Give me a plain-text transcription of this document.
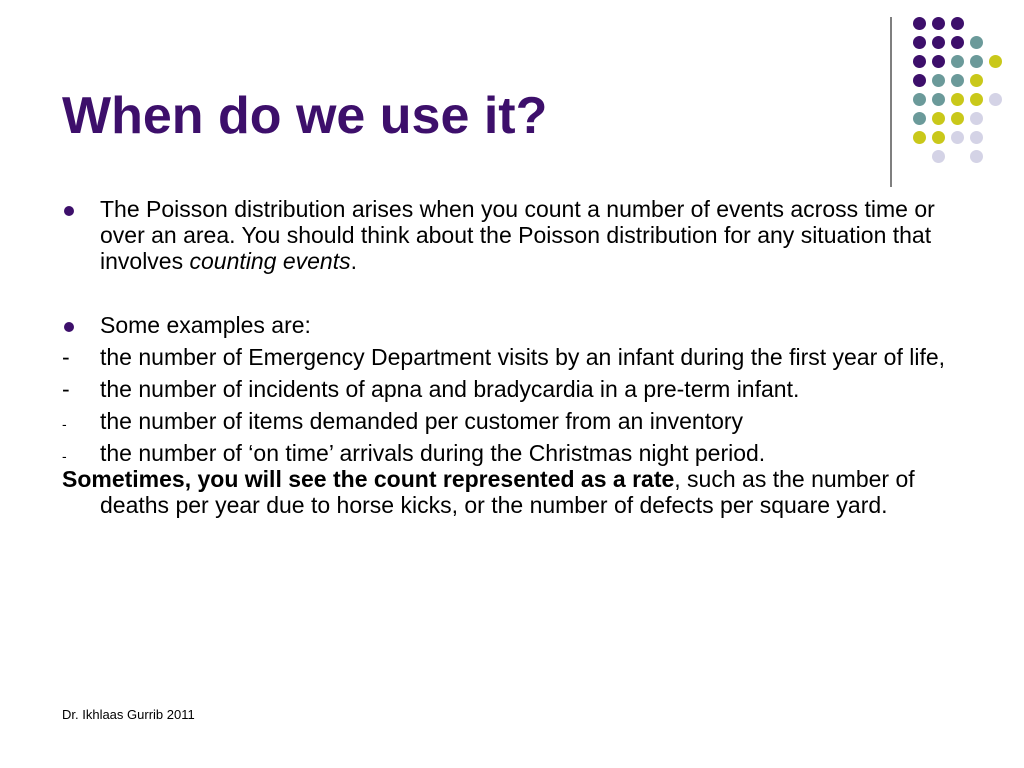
When do we use it?

The Poisson distribution arises when you count a number of events across time or over an area. You should think about the Poisson distribution for any situation that involves counting events.

Some examples are:

- the number of Emergency Department visits by an infant during the first year of life,

- the number of incidents of apna and bradycardia in a pre-term infant.

- the number of items demanded per customer from an inventory

- the number of ‘on time’ arrivals during the Christmas night period.

Sometimes, you will see the count represented as a rate, such as the number of deaths per year due to horse kicks, or the number of defects per square yard.

Dr. Ikhlaas Gurrib 2011
